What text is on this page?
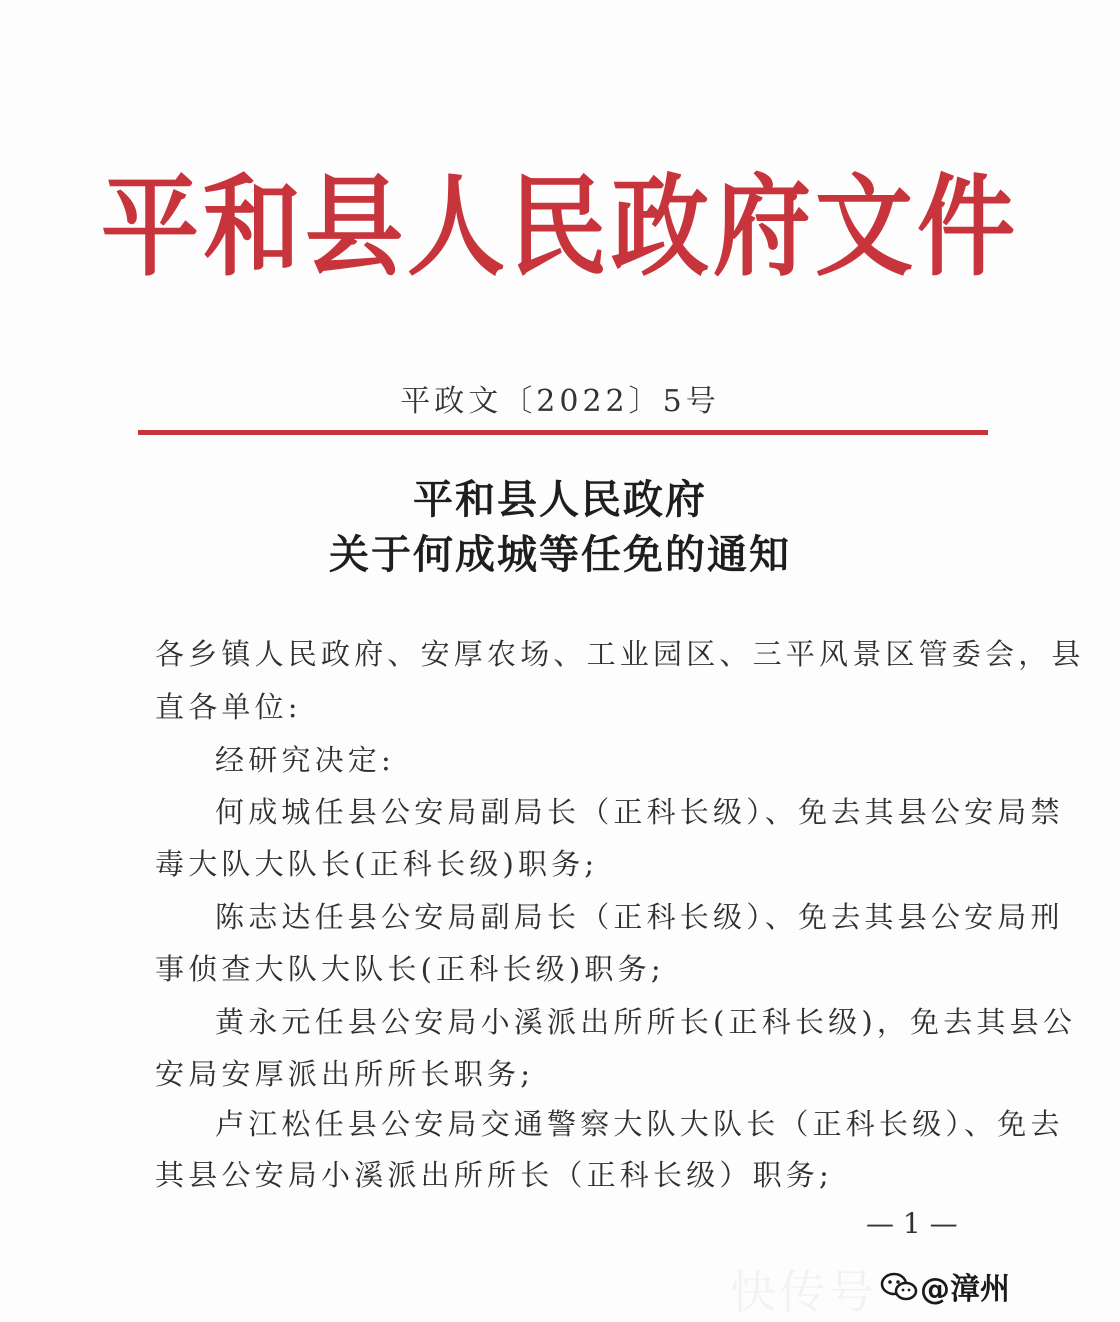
平和县人民政府文件
平政文〔2022〕5号
平和县人民政府
关于何成城等任免的通知
各乡镇人民政府、安厚农场、工业园区、三平风景区管委会，县
直各单位:
经研究决定:
何成城任县公安局副局长（正科长级）、免去其县公安局禁
毒大队大队长(正科长级)职务;
陈志达任县公安局副局长（正科长级）、免去其县公安局刑
事侦查大队大队长(正科长级)职务;
黄永元任县公安局小溪派出所所长(正科长级)，免去其县公
安局安厚派出所所长职务;
卢江松任县公安局交通警察大队大队长（正科长级）、免去
其县公安局小溪派出所所长（正科长级）职务;
— 1 —
快传号 @漳州
